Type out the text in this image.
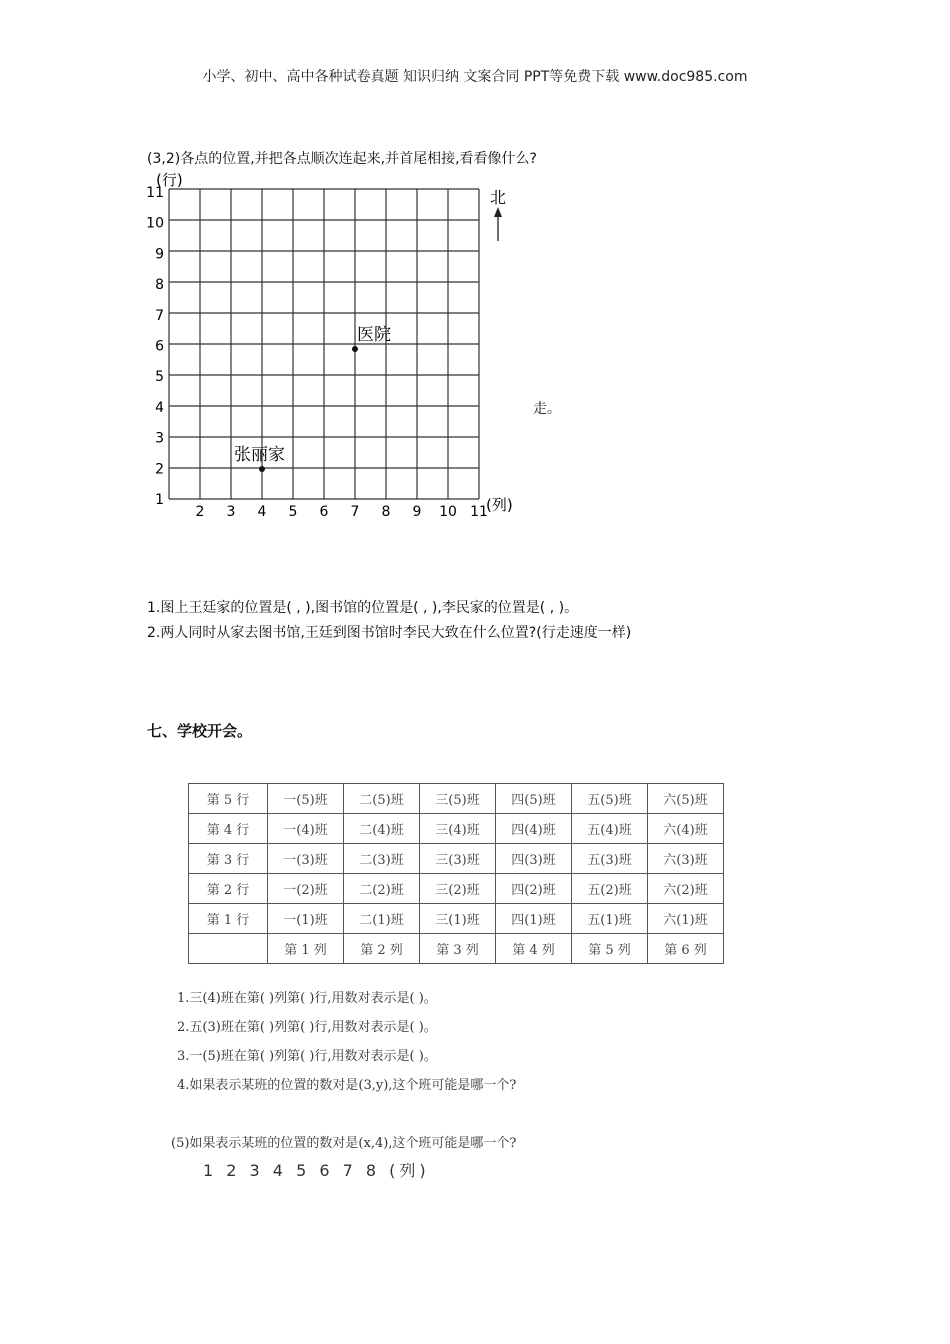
小学、初中、高中各种试卷真题 知识归纳 文案合同 PPT等免费下载 www.doc985.com
(3,2)各点的位置,并把各点顺次连起来,并首尾相接,看看像什么?
(行)
(列)
北
1
2
3
4
5
6
7
8
9
10
11
2 3 4 5 6 7 8 9 10 11
医院
张丽家
走。
1.图上王廷家的位置是( , ),图书馆的位置是( , ),李民家的位置是( , )。
2.两人同时从家去图书馆,王廷到图书馆时李民大致在什么位置?(行走速度一样)
七、学校开会。
第 5 行	一(5)班	二(5)班	三(5)班	四(5)班	五(5)班	六(5)班
第 4 行	一(4)班	二(4)班	三(4)班	四(4)班	五(4)班	六(4)班
第 3 行	一(3)班	二(3)班	三(3)班	四(3)班	五(3)班	六(3)班
第 2 行	一(2)班	二(2)班	三(2)班	四(2)班	五(2)班	六(2)班
第 1 行	一(1)班	二(1)班	三(1)班	四(1)班	五(1)班	六(1)班
	第 1 列	第 2 列	第 3 列	第 4 列	第 5 列	第 6 列
1.三(4)班在第( )列第( )行,用数对表示是( )。
2.五(3)班在第( )列第( )行,用数对表示是( )。
3.一(5)班在第( )列第( )行,用数对表示是( )。
4.如果表示某班的位置的数对是(3,y),这个班可能是哪一个?
(5)如果表示某班的位置的数对是(x,4),这个班可能是哪一个?
1 2 3 4 5 6 7 8 (列)
